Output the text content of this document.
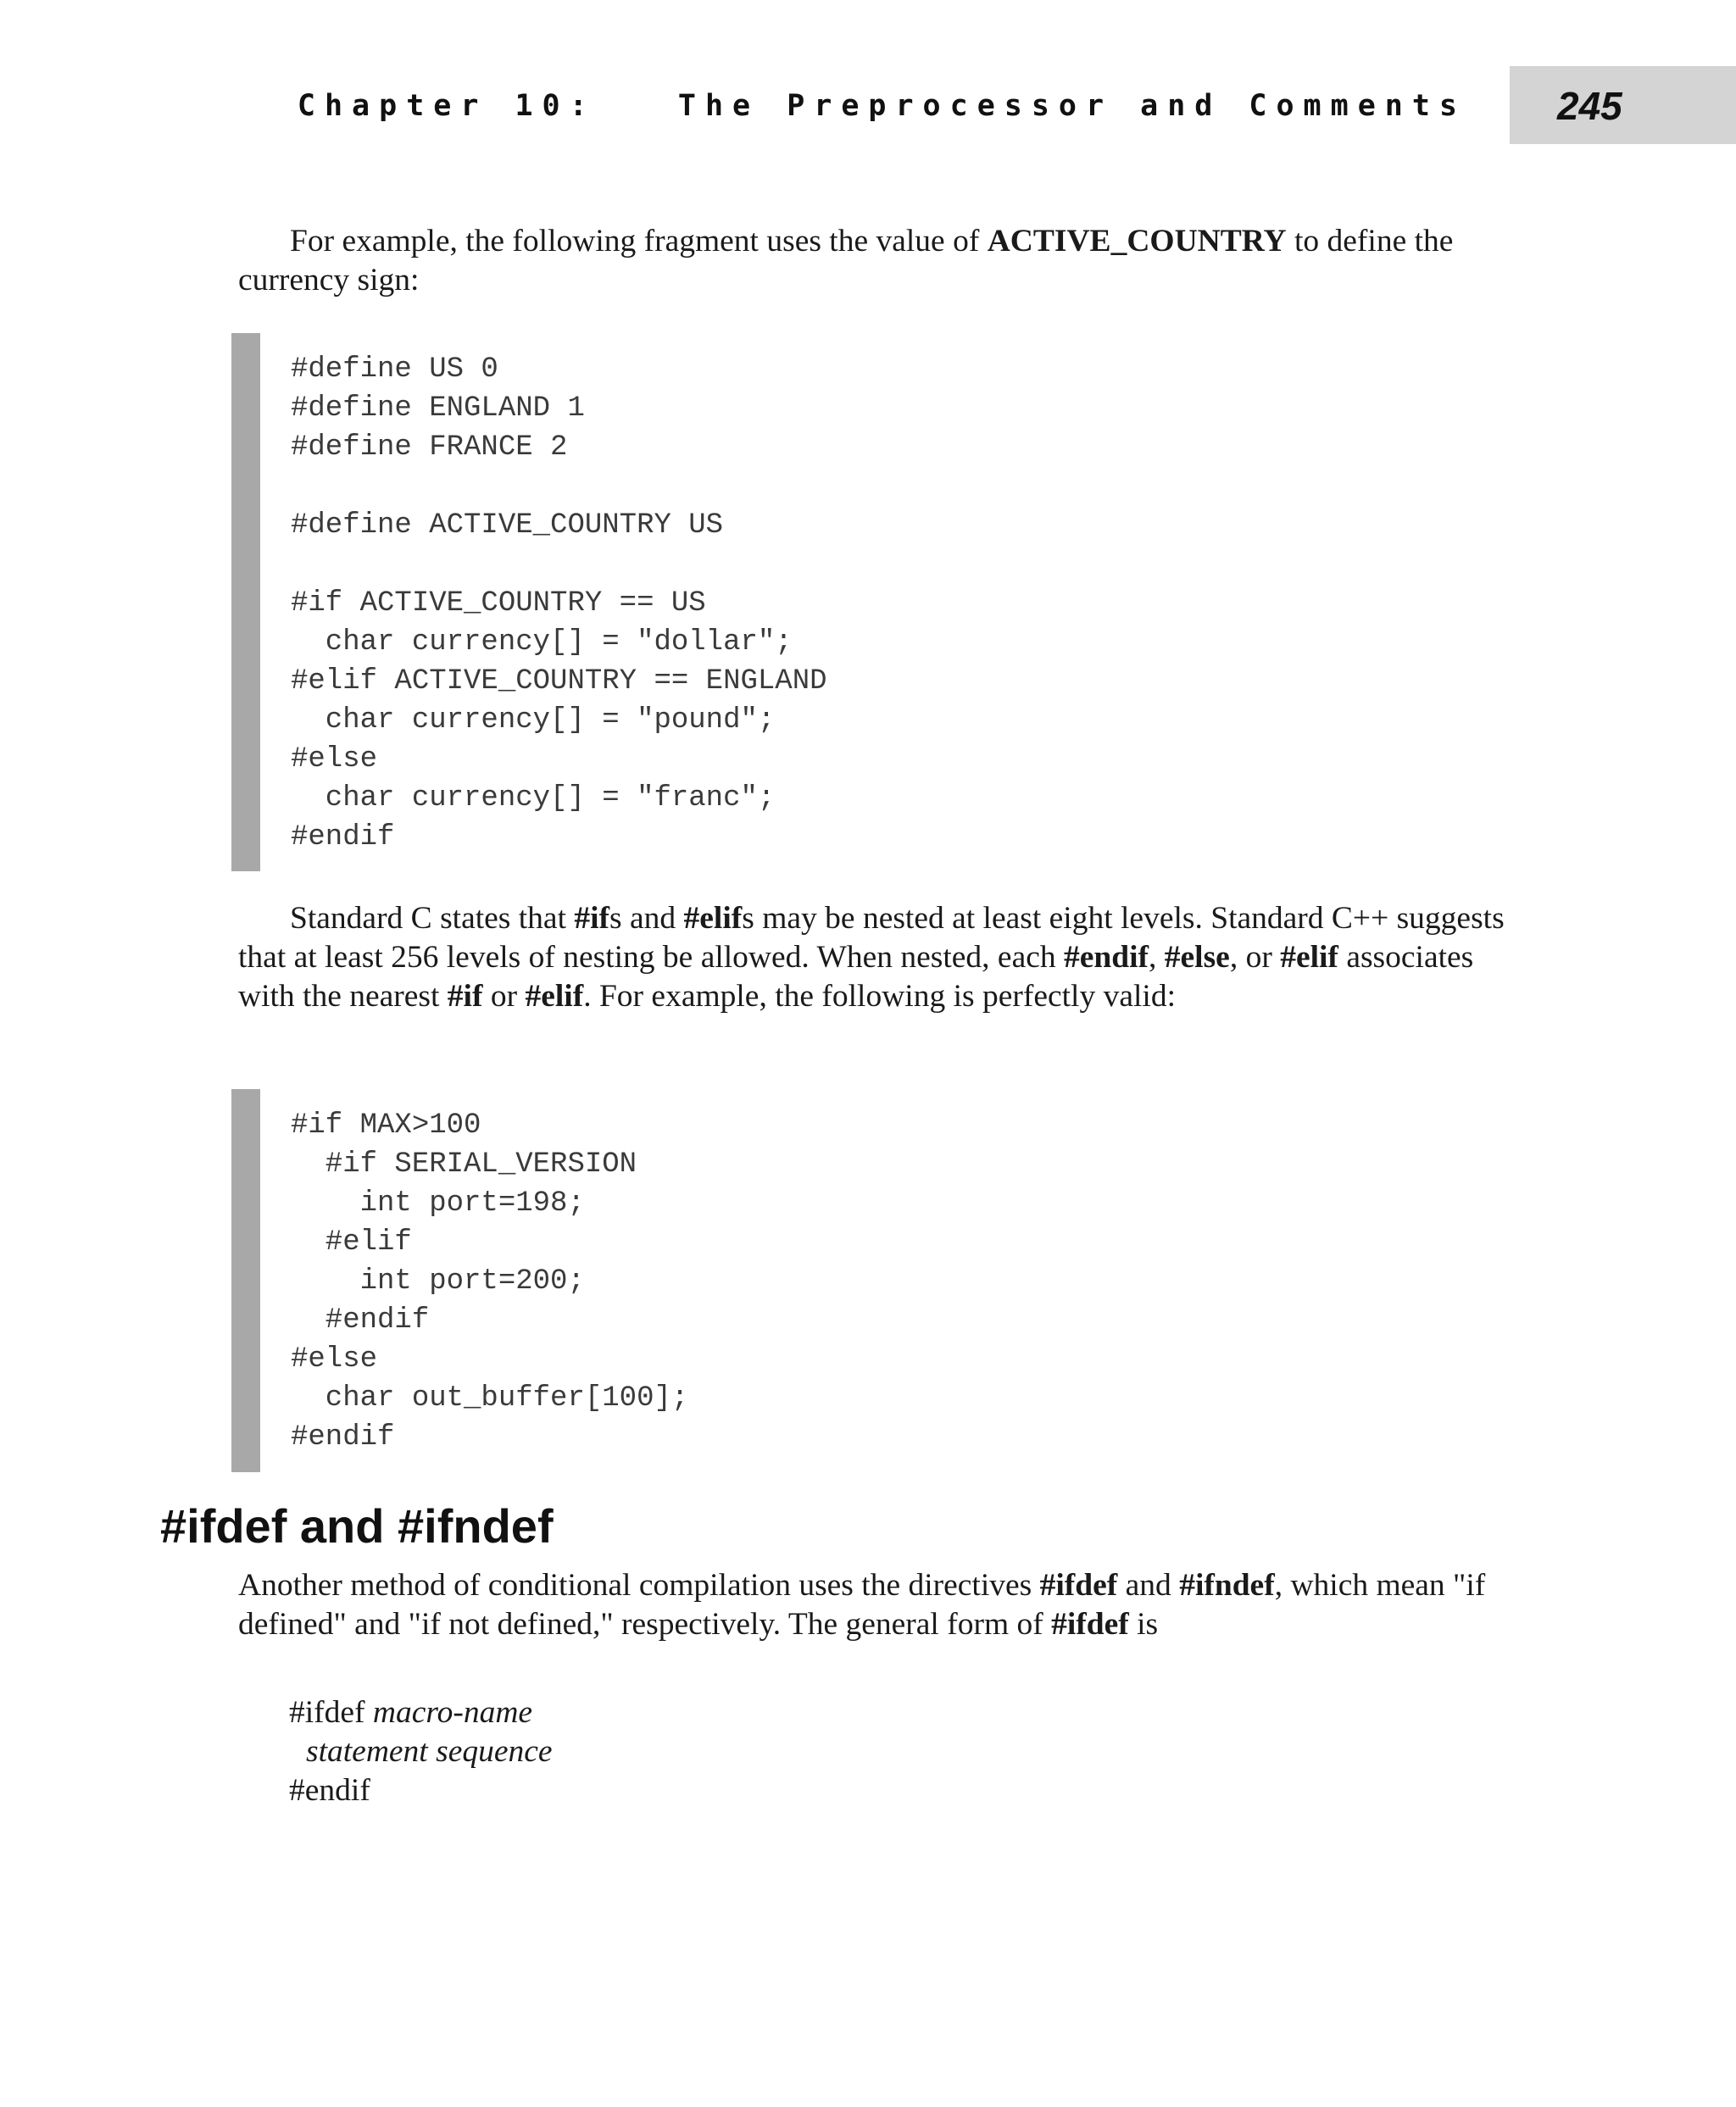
Chapter 10:   The Preprocessor and Comments 245

For example, the following fragment uses the value of ACTIVE_COUNTRY to define the currency sign:

#define US 0
#define ENGLAND 1
#define FRANCE 2
#define ACTIVE_COUNTRY US
#if ACTIVE_COUNTRY == US
char currency[] = "dollar";
#elif ACTIVE_COUNTRY == ENGLAND
char currency[] = "pound";
#else
char currency[] = "franc";
#endif

Standard C states that #ifs and #elifs may be nested at least eight levels. Standard C++ suggests that at least 256 levels of nesting be allowed. When nested, each #endif, #else, or #elif associates with the nearest #if or #elif. For example, the following is perfectly valid:

#if MAX>100
#if SERIAL_VERSION
int port=198;
#elif
int port=200;
#endif
#else
char out_buffer[100];
#endif
#ifdef and #ifndef

Another method of conditional compilation uses the directives #ifdef and #ifndef, which mean "if defined" and "if not defined," respectively. The general form of #ifdef is

#ifdef macro-name
statement sequence
#endif
